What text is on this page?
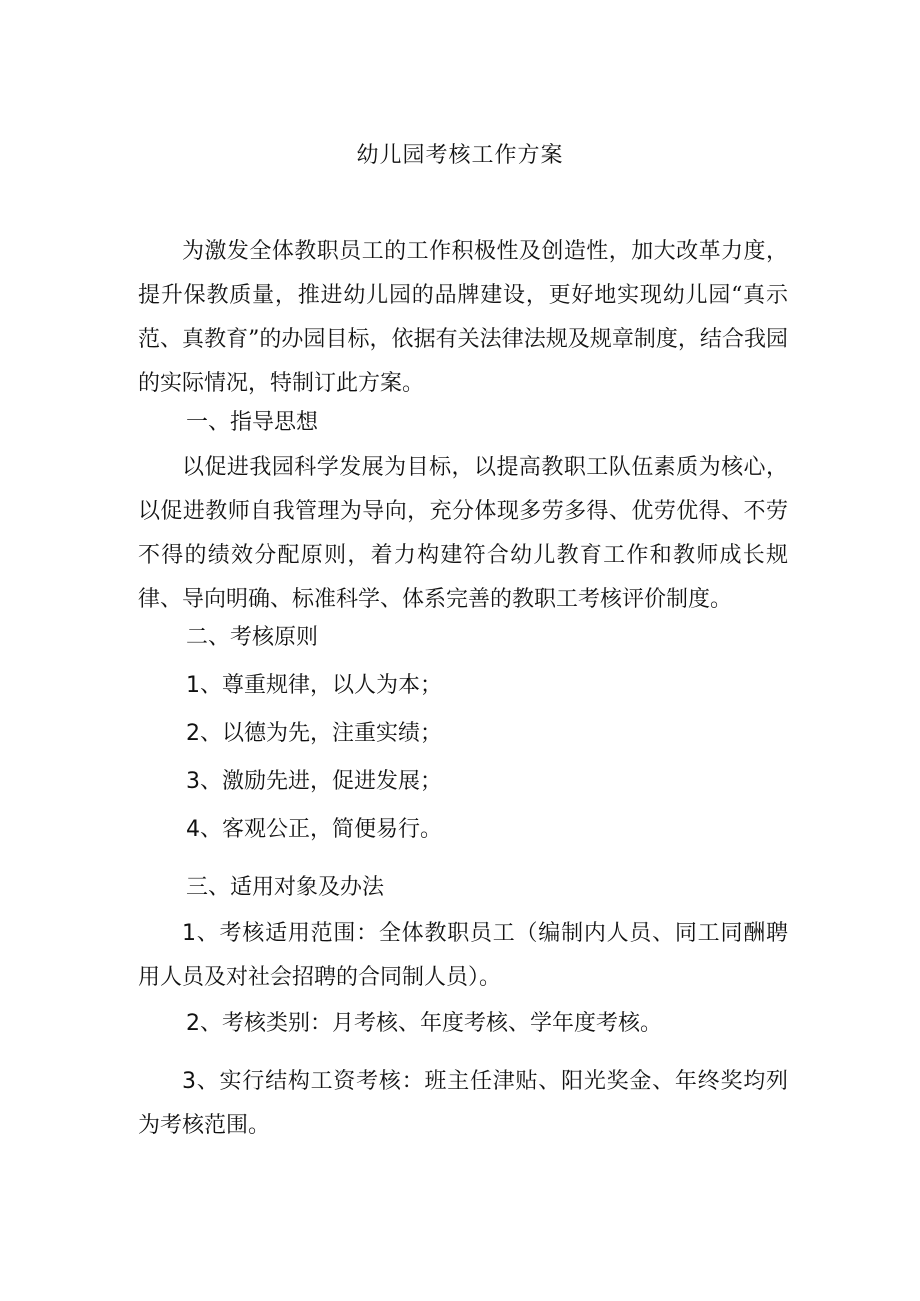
幼儿园考核工作方案

为激发全体教职员工的工作积极性及创造性，加大改革力度，提升保教质量，推进幼儿园的品牌建设，更好地实现幼儿园“真示范、真教育”的办园目标，依据有关法律法规及规章制度，结合我园的实际情况，特制订此方案。

一、指导思想

以促进我园科学发展为目标，以提高教职工队伍素质为核心，以促进教师自我管理为导向，充分体现多劳多得、优劳优得、不劳不得的绩效分配原则，着力构建符合幼儿教育工作和教师成长规律、导向明确、标准科学、体系完善的教职工考核评价制度。

二、考核原则
1、尊重规律，以人为本；
2、以德为先，注重实绩；
3、激励先进，促进发展；
4、客观公正，简便易行。
三、适用对象及办法

1、考核适用范围：全体教职员工（编制内人员、同工同酬聘用人员及对社会招聘的合同制人员）。

2、考核类别：月考核、年度考核、学年度考核。

3、实行结构工资考核：班主任津贴、阳光奖金、年终奖均列为考核范围。
